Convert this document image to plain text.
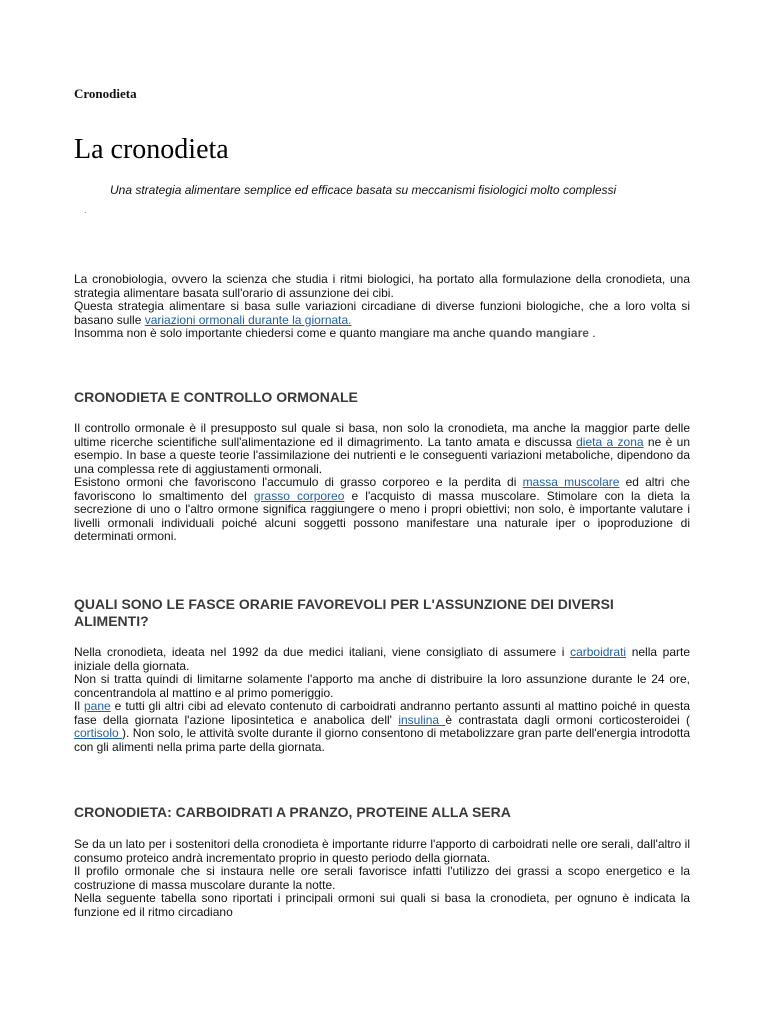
Cronodieta
La cronodieta
Una strategia alimentare semplice ed efficace basata su meccanismi fisiologici molto complessi
.

La cronobiologia, ovvero la scienza che studia i ritmi biologici, ha portato alla formulazione della cronodieta, una strategia alimentare basata sull'orario di assunzione dei cibi.

Questa strategia alimentare si basa sulle variazioni circadiane di diverse funzioni biologiche, che a loro volta si basano sulle variazioni ormonali durante la giornata.

Insomma non è solo importante chiedersi come e quanto mangiare ma anche quando mangiare .

CRONODIETA E CONTROLLO ORMONALE

Il controllo ormonale è il presupposto sul quale si basa, non solo la cronodieta, ma anche la maggior parte delle ultime ricerche scientifiche sull'alimentazione ed il dimagrimento. La tanto amata e discussa dieta a zona ne è un esempio. In base a queste teorie l'assimilazione dei nutrienti e le conseguenti variazioni metaboliche, dipendono da una complessa rete di aggiustamenti ormonali.

Esistono ormoni che favoriscono l'accumulo di grasso corporeo e la perdita di massa muscolare ed altri che favoriscono lo smaltimento del grasso corporeo e l'acquisto di massa muscolare. Stimolare con la dieta la secrezione di uno o l'altro ormone significa raggiungere o meno i propri obiettivi; non solo, è importante valutare i livelli ormonali individuali poiché alcuni soggetti possono manifestare una naturale iper o ipoproduzione di determinati ormoni.

QUALI SONO LE FASCE ORARIE FAVOREVOLI PER L'ASSUNZIONE DEI DIVERSI ALIMENTI?

Nella cronodieta, ideata nel 1992 da due medici italiani, viene consigliato di assumere i carboidrati nella parte iniziale della giornata.

Non si tratta quindi di limitarne solamente l'apporto ma anche di distribuire la loro assunzione durante le 24 ore, concentrandola al mattino e al primo pomeriggio.

Il pane e tutti gli altri cibi ad elevato contenuto di carboidrati andranno pertanto assunti al mattino poiché in questa fase della giornata l'azione liposintetica e anabolica dell' insulina è contrastata dagli ormoni corticosteroidei ( cortisolo ). Non solo, le attività svolte durante il giorno consentono di metabolizzare gran parte dell'energia introdotta con gli alimenti nella prima parte della giornata.

CRONODIETA: CARBOIDRATI A PRANZO, PROTEINE ALLA SERA

Se da un lato per i sostenitori della cronodieta è importante ridurre l'apporto di carboidrati nelle ore serali, dall'altro il consumo proteico andrà incrementato proprio in questo periodo della giornata.

Il profilo ormonale che si instaura nelle ore serali favorisce infatti l'utilizzo dei grassi a scopo energetico e la costruzione di massa muscolare durante la notte.

Nella seguente tabella sono riportati i principali ormoni sui quali si basa la cronodieta, per ognuno è indicata la funzione ed il ritmo circadiano
